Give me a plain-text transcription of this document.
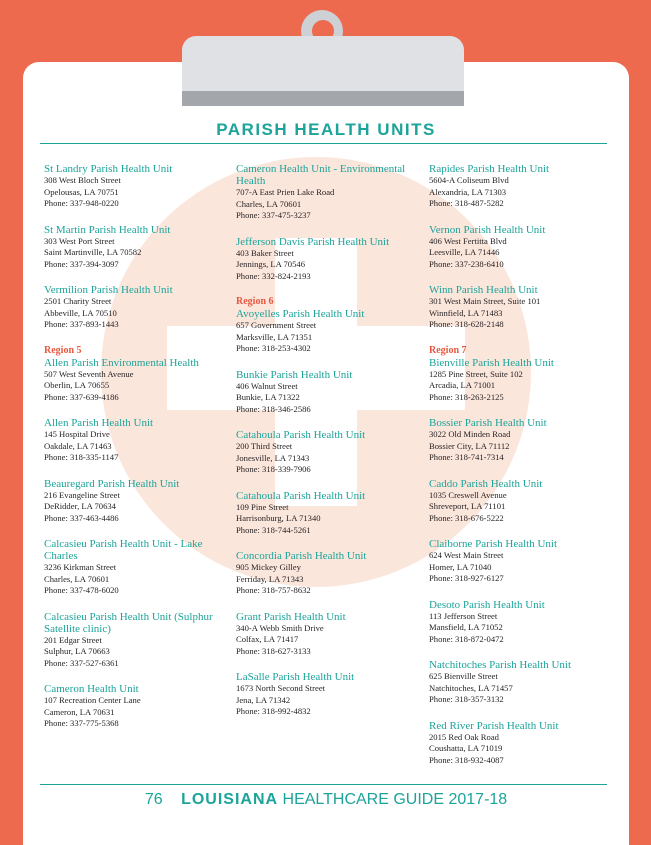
PARISH HEALTH UNITS
St Landry Parish Health Unit
308 West Bloch Street
Opelousas, LA 70751
Phone: 337-948-0220
St Martin Parish Health Unit
303 West Port Street
Saint Martinville, LA 70582
Phone: 337-394-3097
Vermilion Parish Health Unit
2501 Charity Street
Abbeville, LA 70510
Phone: 337-893-1443
Region 5
Allen Parish Environmental Health
507 West Seventh Avenue
Oberlin, LA 70655
Phone: 337-639-4186
Allen Parish Health Unit
145 Hospital Drive
Oakdale, LA 71463
Phone: 318-335-1147
Beauregard Parish Health Unit
216 Evangeline Street
DeRidder, LA 70634
Phone: 337-463-4486
Calcasieu Parish Health Unit - Lake Charles
3236 Kirkman Street
Charles, LA 70601
Phone: 337-478-6020
Calcasieu Parish Health Unit (Sulphur Satellite clinic)
201 Edgar Street
Sulphur, LA 70663
Phone: 337-527-6361
Cameron Health Unit
107 Recreation Center Lane
Cameron, LA 70631
Phone: 337-775-5368
Cameron Health Unit - Environmental Health
707-A East Prien Lake Road
Charles, LA 70601
Phone: 337-475-3237
Jefferson Davis Parish Health Unit
403 Baker Street
Jennings, LA 70546
Phone: 332-824-2193
Region 6
Avoyelles Parish Health Unit
657 Government Street
Marksville, LA 71351
Phone: 318-253-4302
Bunkie Parish Health Unit
406 Walnut Street
Bunkie, LA 71322
Phone: 318-346-2586
Catahoula Parish Health Unit
200 Third Street
Jonesville, LA 71343
Phone: 318-339-7906
Catahoula Parish Health Unit
109 Pine Street
Harrisonburg, LA 71340
Phone: 318-744-5261
Concordia Parish Health Unit
905 Mickey Gilley
Ferriday, LA 71343
Phone: 318-757-8632
Grant Parish Health Unit
340-A Webb Smith Drive
Colfax, LA 71417
Phone: 318-627-3133
LaSalle Parish Health Unit
1673 North Second Street
Jena, LA 71342
Phone: 318-992-4832
Rapides Parish Health Unit
5604-A Coliseum Blvd
Alexandria, LA 71303
Phone: 318-487-5282
Vernon Parish Health Unit
406 West Fertitta Blvd
Leesville, LA 71446
Phone: 337-238-6410
Winn Parish Health Unit
301 West Main Street, Suite 101
Winnfield, LA 71483
Phone: 318-628-2148
Region 7
Bienville Parish Health Unit
1285 Pine Street, Suite 102
Arcadia, LA 71001
Phone: 318-263-2125
Bossier Parish Health Unit
3022 Old Minden Road
Bossier City, LA 71112
Phone: 318-741-7314
Caddo Parish Health Unit
1035 Creswell Avenue
Shreveport, LA 71101
Phone: 318-676-5222
Claiborne Parish Health Unit
624 West Main Street
Homer, LA 71040
Phone: 318-927-6127
Desoto Parish Health Unit
113 Jefferson Street
Mansfield, LA 71052
Phone: 318-872-0472
Natchitoches Parish Health Unit
625 Bienville Street
Natchitoches, LA 71457
Phone: 318-357-3132
Red River Parish Health Unit
2015 Red Oak Road
Coushatta, LA 71019
Phone: 318-932-4087
76 LOUISIANA HEALTHCARE GUIDE 2017-18
